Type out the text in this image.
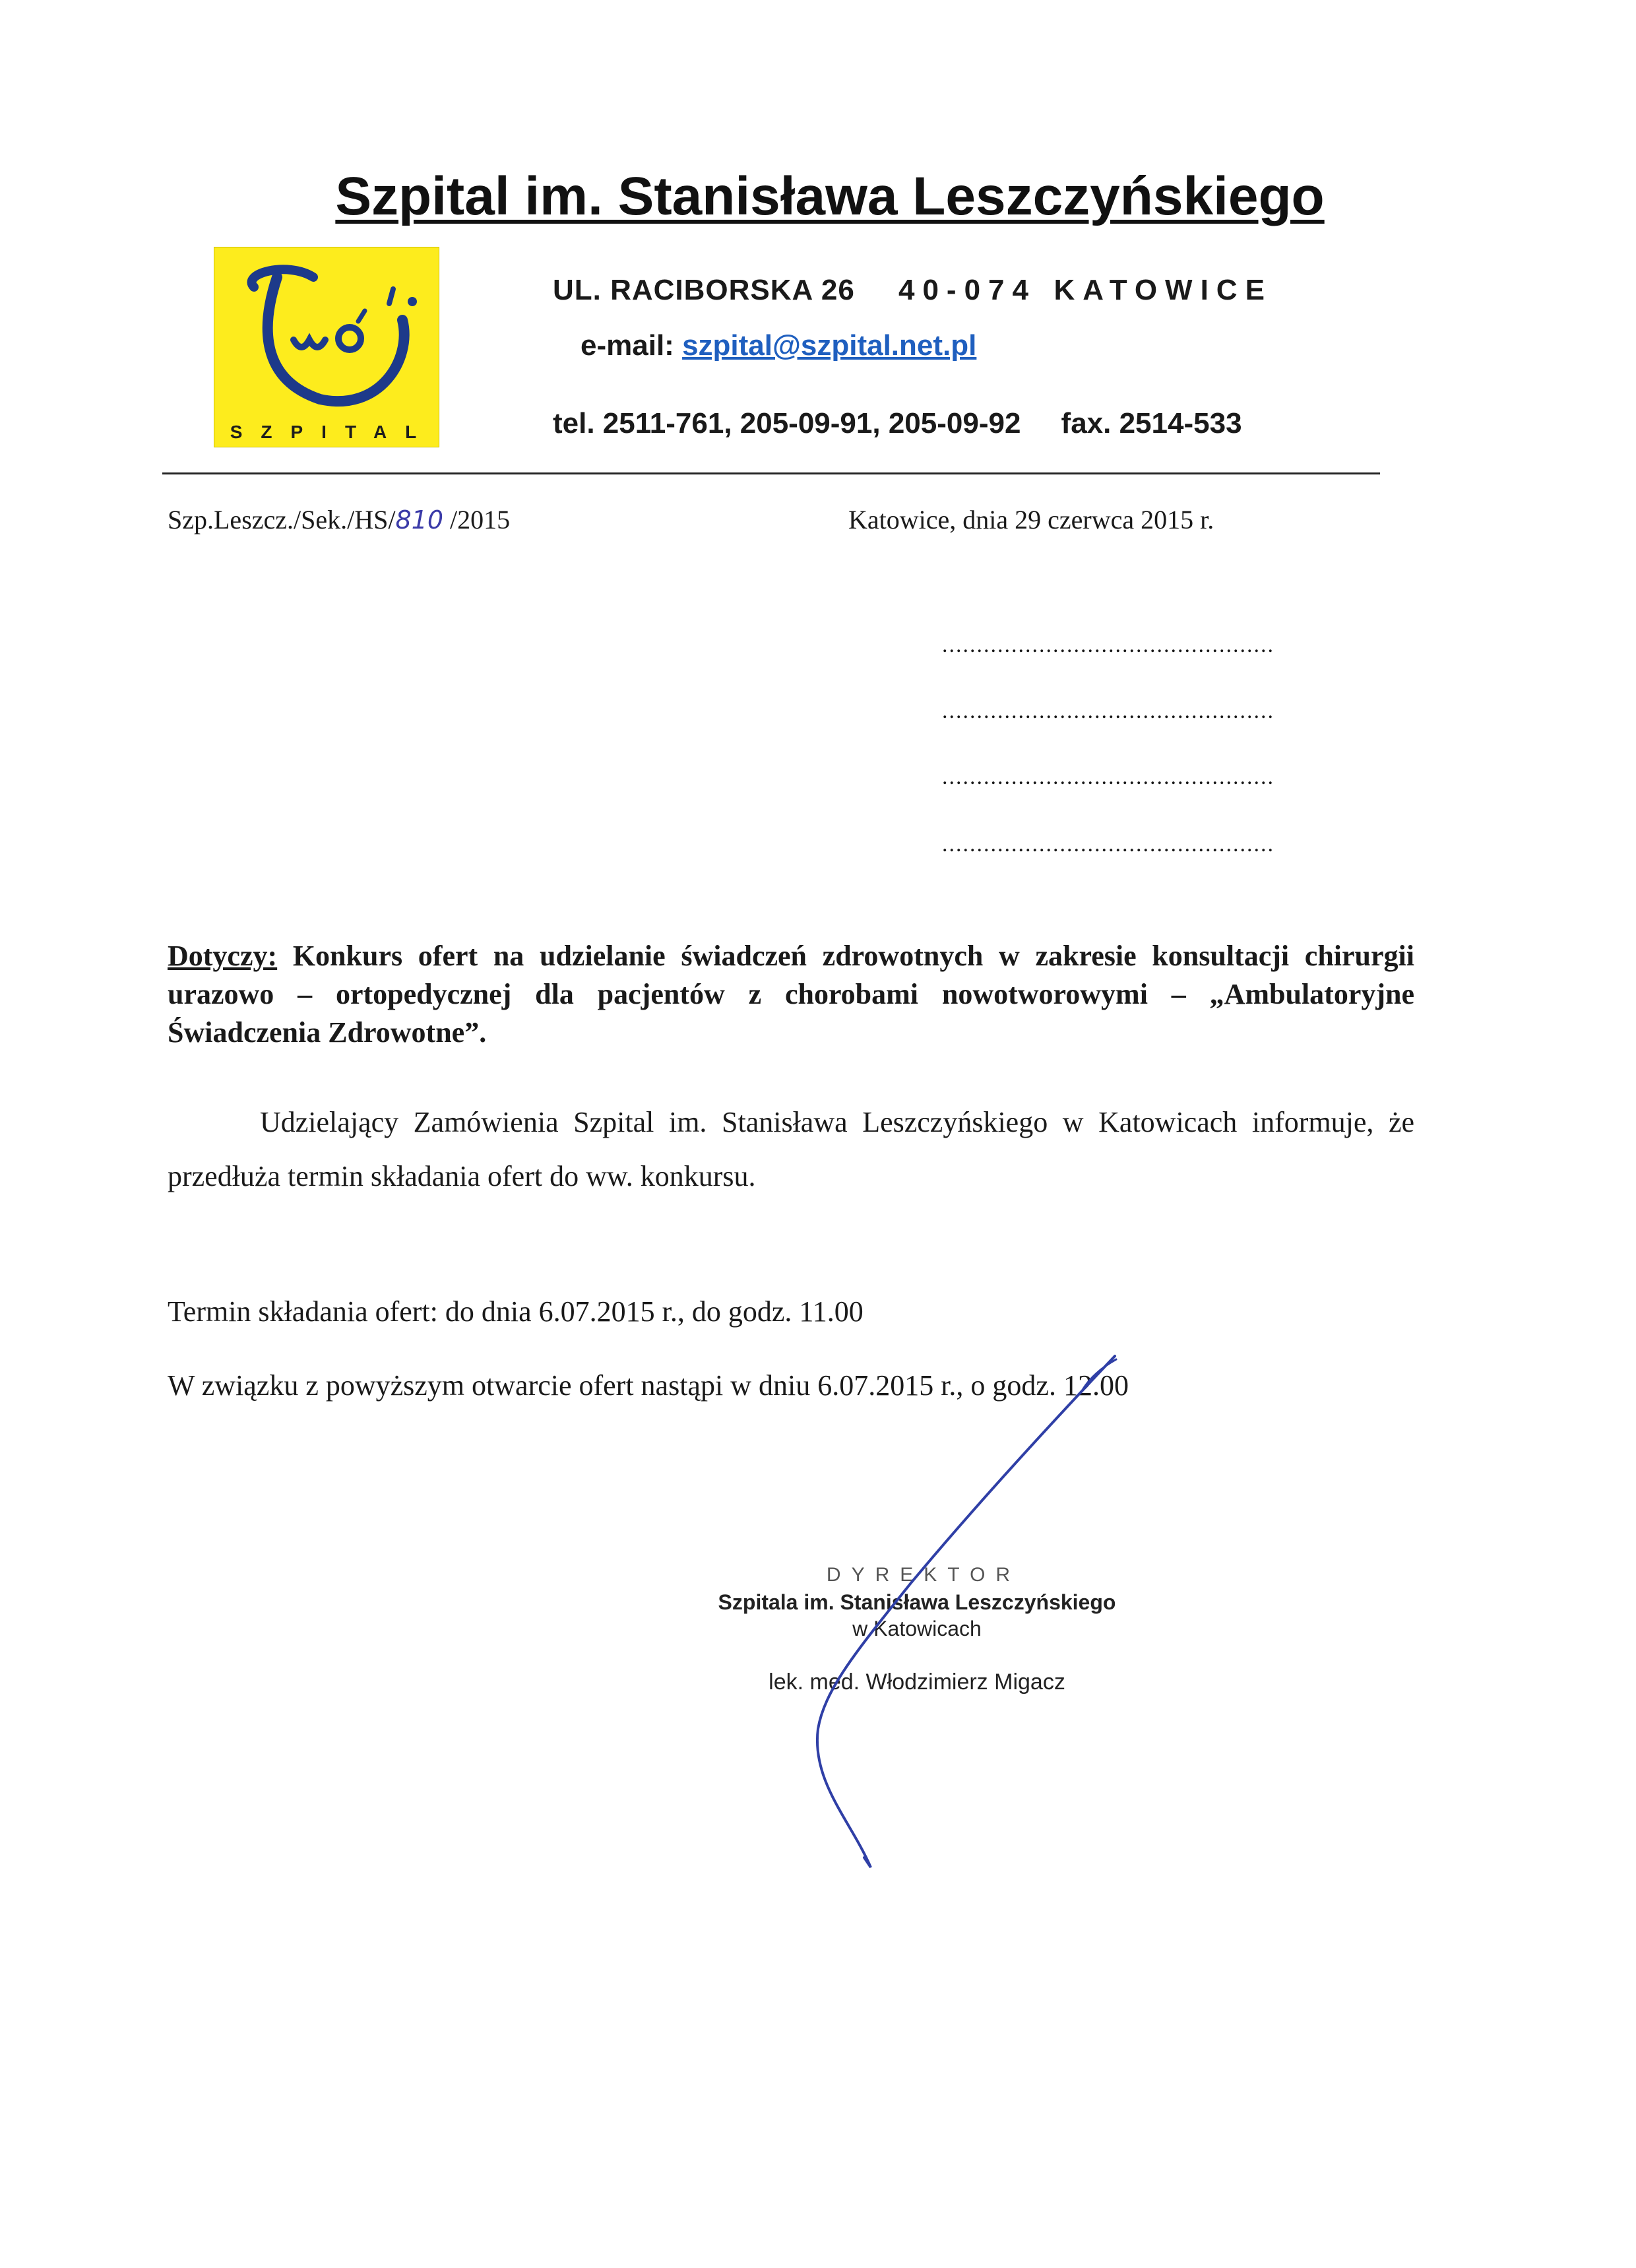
Szpital im. Stanisława Leszczyńskiego
SZPITAL
UL. RACIBORSKA 26 40-074 KATOWICE
e-mail: szpital@szpital.net.pl
tel. 2511-761, 205-09-91, 205-09-92 fax. 2514-533
Szp.Leszcz./Sek./HS/810 /2015	Katowice, dnia 29 czerwca 2015 r.
................................................
................................................
................................................
................................................
Dotyczy: Konkurs ofert na udzielanie świadczeń zdrowotnych w zakresie konsultacji chirurgii urazowo – ortopedycznej dla pacjentów z chorobami nowotworowymi – „Ambulatoryjne Świadczenia Zdrowotne”.
Udzielający Zamówienia Szpital im. Stanisława Leszczyńskiego w Katowicach informuje, że przedłuża termin składania ofert do ww. konkursu.
Termin składania ofert: do dnia 6.07.2015 r., do godz. 11.00
W związku z powyższym otwarcie ofert nastąpi w dniu 6.07.2015 r., o godz. 12.00
DYREKTOR
Szpitala im. Stanisława Leszczyńskiego
w Katowicach
lek. med. Włodzimierz Migacz
